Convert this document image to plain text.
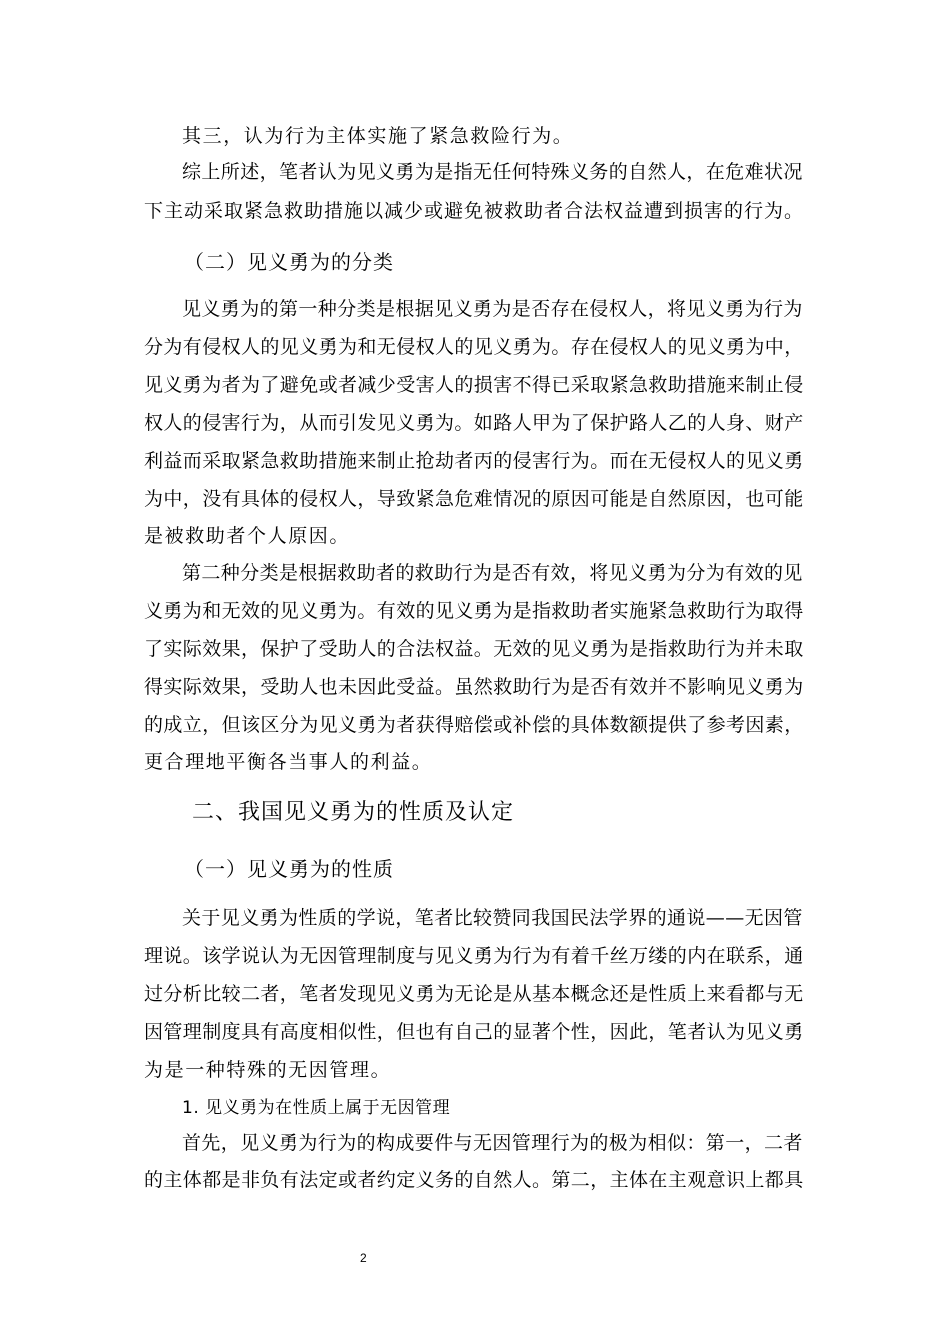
其三，认为行为主体实施了紧急救险行为。
综上所述，笔者认为见义勇为是指无任何特殊义务的自然人，在危难状况
下主动采取紧急救助措施以减少或避免被救助者合法权益遭到损害的行为。
（二）见义勇为的分类
见义勇为的第一种分类是根据见义勇为是否存在侵权人，将见义勇为行为
分为有侵权人的见义勇为和无侵权人的见义勇为。存在侵权人的见义勇为中，
见义勇为者为了避免或者减少受害人的损害不得已采取紧急救助措施来制止侵
权人的侵害行为，从而引发见义勇为。如路人甲为了保护路人乙的人身、财产
利益而采取紧急救助措施来制止抢劫者丙的侵害行为。而在无侵权人的见义勇
为中，没有具体的侵权人，导致紧急危难情况的原因可能是自然原因，也可能
是被救助者个人原因。
第二种分类是根据救助者的救助行为是否有效，将见义勇为分为有效的见
义勇为和无效的见义勇为。有效的见义勇为是指救助者实施紧急救助行为取得
了实际效果，保护了受助人的合法权益。无效的见义勇为是指救助行为并未取
得实际效果，受助人也未因此受益。虽然救助行为是否有效并不影响见义勇为
的成立，但该区分为见义勇为者获得赔偿或补偿的具体数额提供了参考因素，
更合理地平衡各当事人的利益。
二、我国见义勇为的性质及认定
（一）见义勇为的性质
关于见义勇为性质的学说，笔者比较赞同我国民法学界的通说——无因管
理说。该学说认为无因管理制度与见义勇为行为有着千丝万缕的内在联系，通
过分析比较二者，笔者发现见义勇为无论是从基本概念还是性质上来看都与无
因管理制度具有高度相似性，但也有自己的显著个性，因此，笔者认为见义勇
为是一种特殊的无因管理。
1. 见义勇为在性质上属于无因管理
首先，见义勇为行为的构成要件与无因管理行为的极为相似：第一，二者
的主体都是非负有法定或者约定义务的自然人。第二，主体在主观意识上都具
2
